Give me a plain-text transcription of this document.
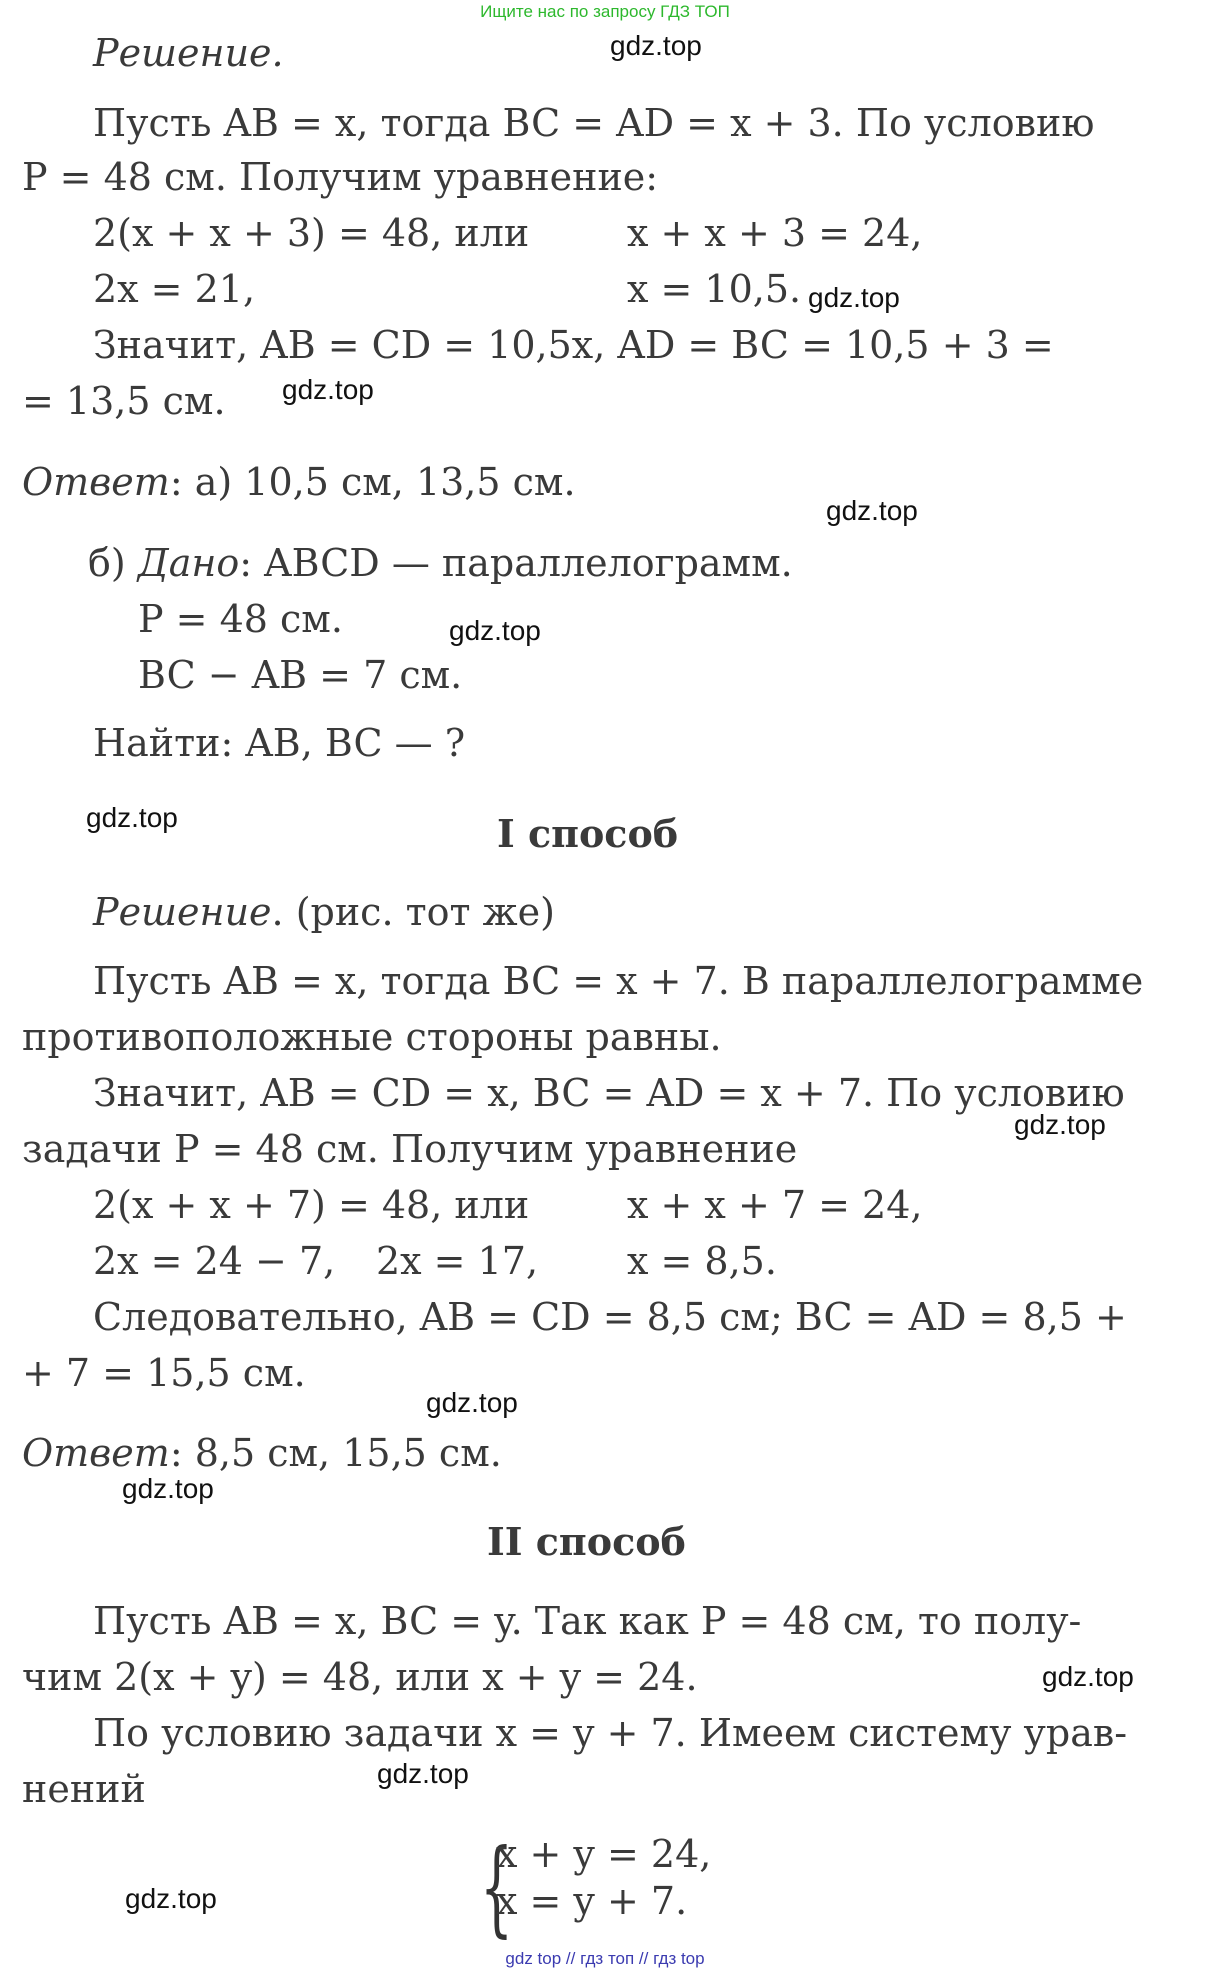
Ищите нас по запросу ГДЗ ТОП
Решение.
Пусть AB = x, тогда BC = AD = x + 3. По условию
P = 48 см. Получим уравнение:
2(x + x + 3) = 48, или	x + x + 3 = 24,
2x = 21,	x = 10,5.
Значит, AB = CD = 10,5x, AD = BC = 10,5 + 3 =
= 13,5 см.
Ответ: а) 10,5 см, 13,5 см.
б) Дано: ABCD — параллелограмм.
P = 48 см.
BC − AB = 7 см.
Найти: AB, BC — ?
I способ
Решение. (рис. тот же)
Пусть AB = x, тогда BC = x + 7. В параллелограмме
противоположные стороны равны.
Значит, AB = CD = x, BC = AD = x + 7. По условию
задачи P = 48 см. Получим уравнение
2(x + x + 7) = 48, или	x + x + 7 = 24,
2x = 24 − 7, 2x = 17, x = 8,5.
Следовательно, AB = CD = 8,5 см; BC = AD = 8,5 +
+ 7 = 15,5 см.
Ответ: 8,5 см, 15,5 см.
II способ
Пусть AB = x, BC = y. Так как P = 48 см, то полу-
чим 2(x + y) = 48, или x + y = 24.
По условию задачи x = y + 7. Имеем систему урав-
нений
{
x + y = 24,
x = y + 7.
gdz.top
gdz.top
gdz.top
gdz.top
gdz.top
gdz.top
gdz.top
gdz.top
gdz.top
gdz.top
gdz.top
gdz.top
gdz top // гдз топ // гдз top
